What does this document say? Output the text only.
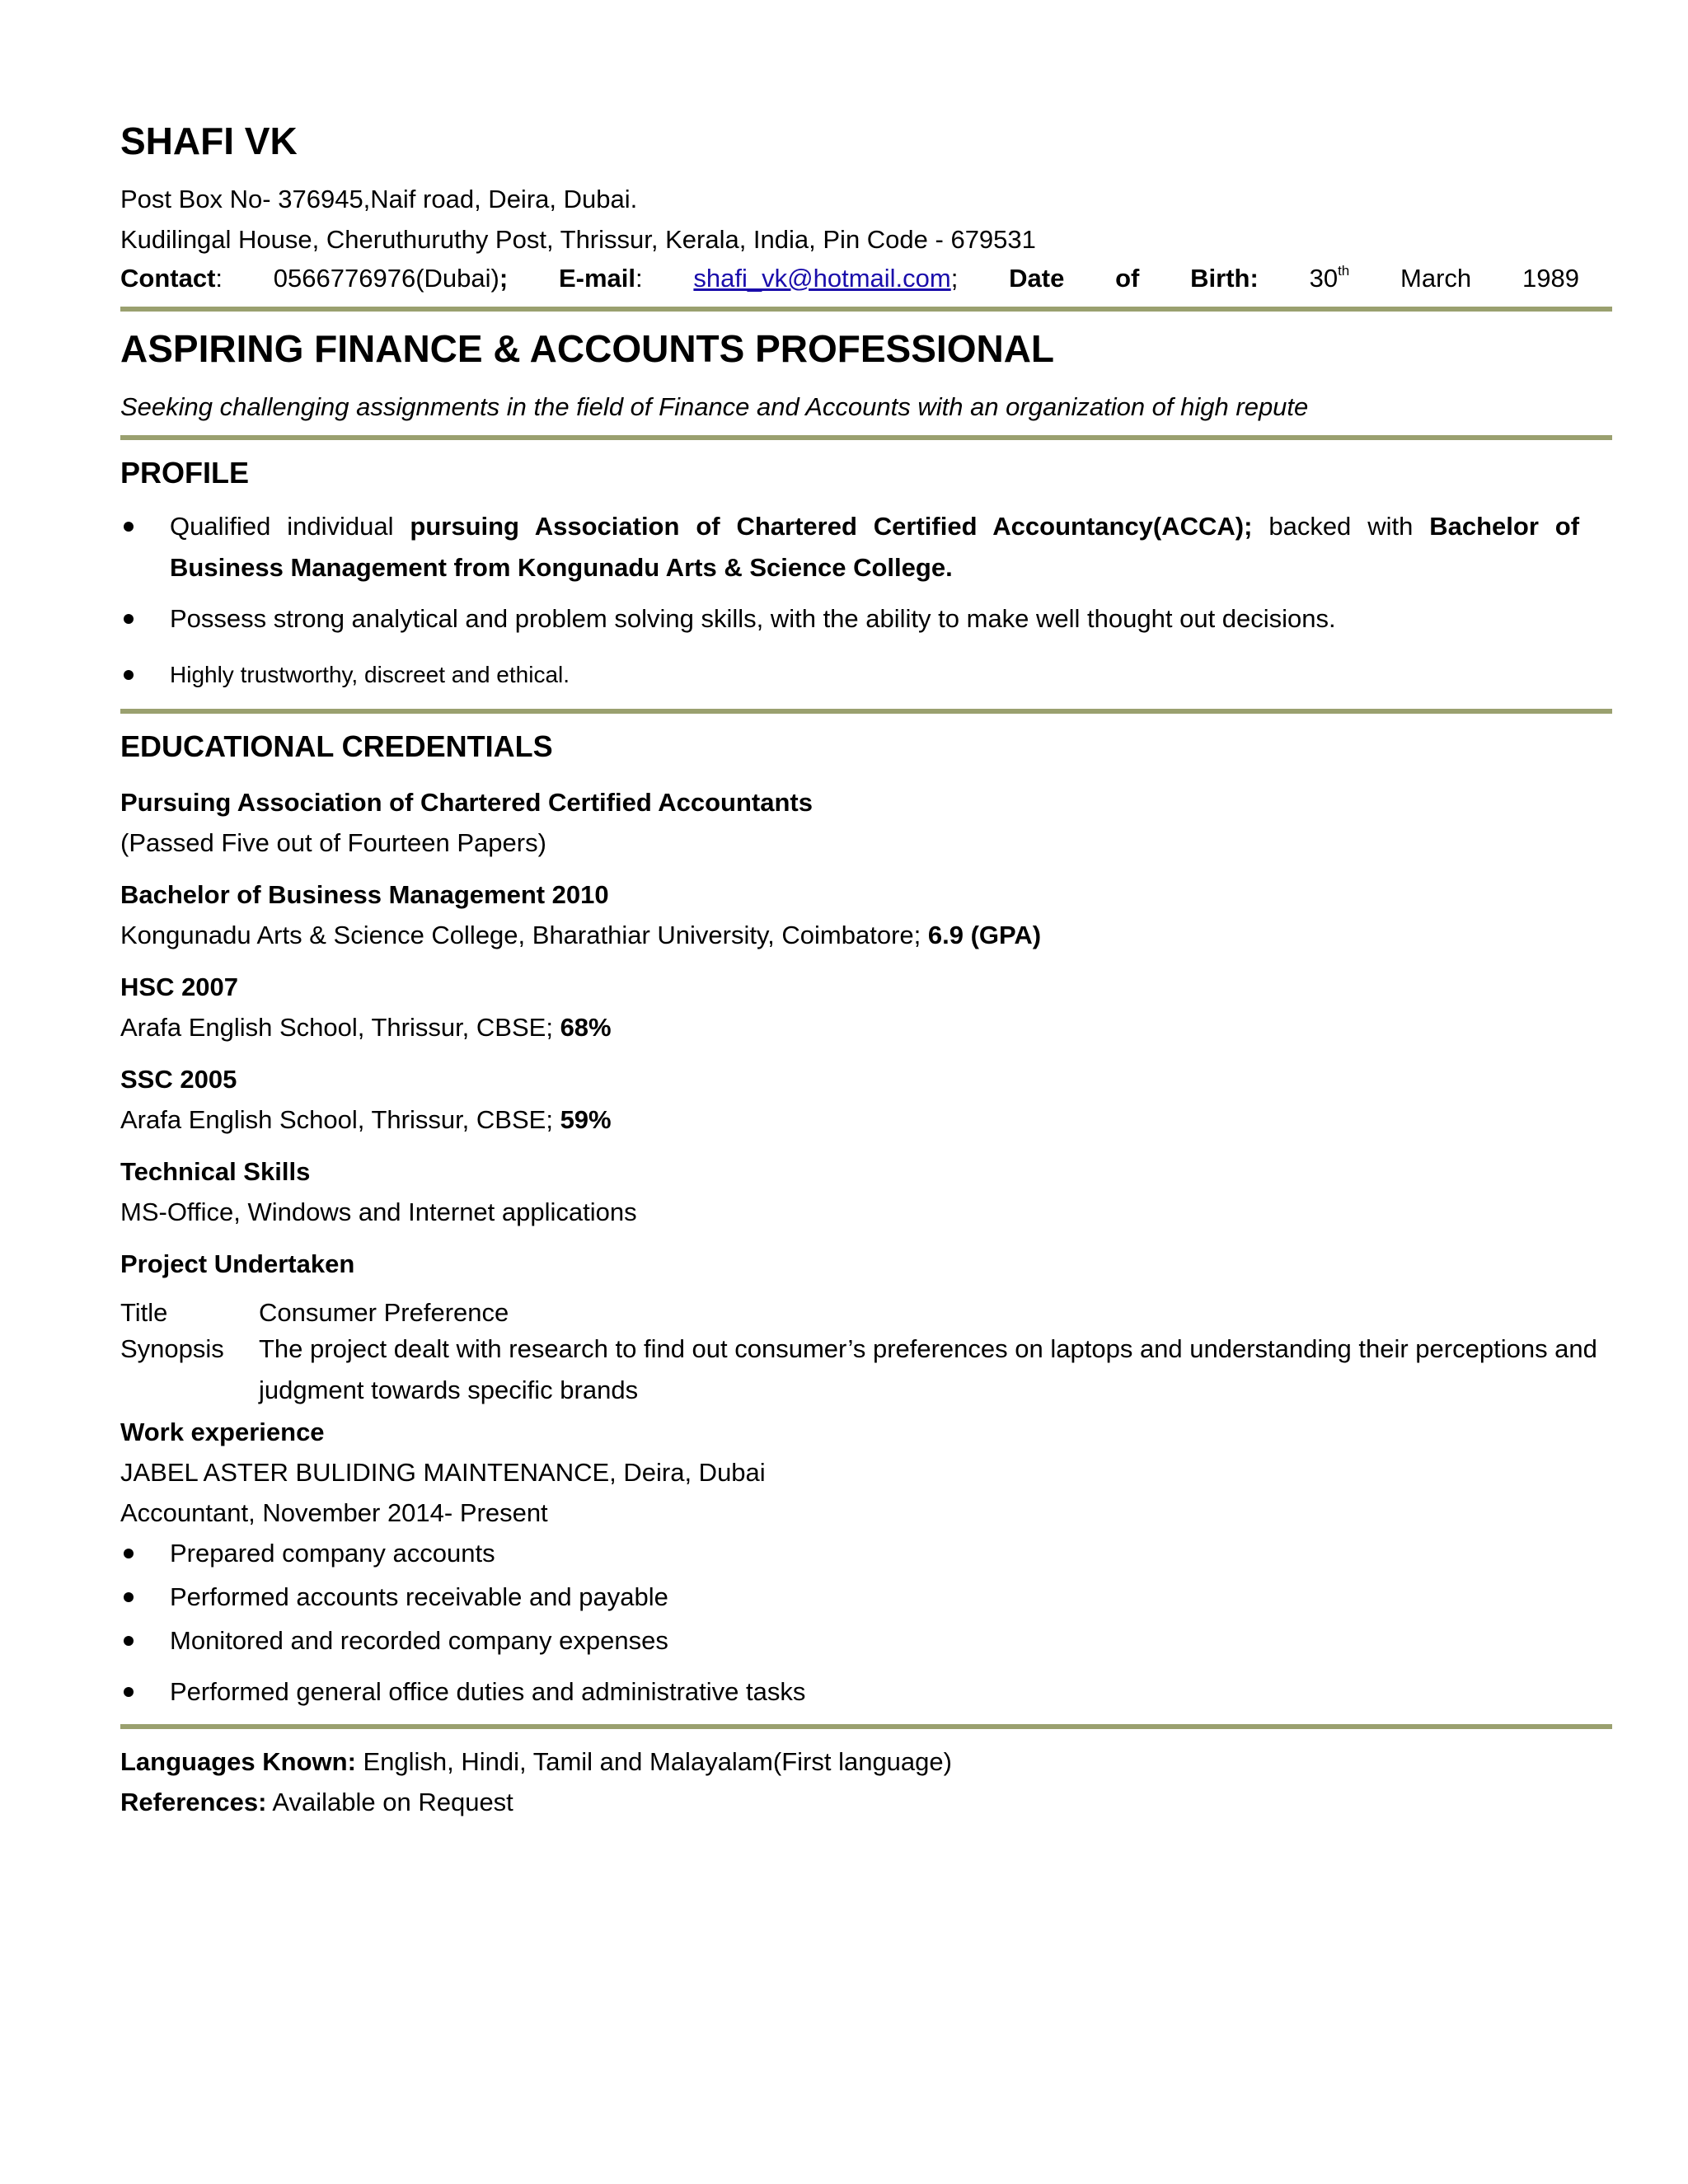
SHAFI VK
Post Box No- 376945,Naif road, Deira, Dubai.
Kudilingal House, Cheruthuruthy Post, Thrissur, Kerala, India, Pin Code - 679531
Contact: 0566776976(Dubai); E-mail: shafi_vk@hotmail.com; Date of Birth: 30th March 1989
ASPIRING FINANCE & ACCOUNTS PROFESSIONAL
Seeking challenging assignments in the field of Finance and Accounts with an organization of high repute
PROFILE
Qualified individual pursuing Association of Chartered Certified Accountancy(ACCA); backed with Bachelor of Business Management from Kongunadu Arts & Science College.
Possess strong analytical and problem solving skills, with the ability to make well thought out decisions.
Highly trustworthy, discreet and ethical.
EDUCATIONAL CREDENTIALS
Pursuing Association of Chartered Certified Accountants
(Passed Five out of Fourteen Papers)
Bachelor of Business Management 2010
Kongunadu Arts & Science College, Bharathiar University, Coimbatore; 6.9 (GPA)
HSC 2007
Arafa English School, Thrissur, CBSE; 68%
SSC 2005
Arafa English School, Thrissur, CBSE; 59%
Technical Skills
MS-Office, Windows and Internet applications
Project Undertaken
Title	Consumer Preference
Synopsis The project dealt with research to find out consumer’s preferences on laptops and understanding their perceptions and judgment towards specific brands
Work experience
JABEL ASTER BULIDING MAINTENANCE, Deira, Dubai
Accountant, November 2014- Present
Prepared company accounts
Performed accounts receivable and payable
Monitored and recorded company expenses
Performed general office duties and administrative tasks
Languages Known: English, Hindi, Tamil and Malayalam(First language)
References: Available on Request
